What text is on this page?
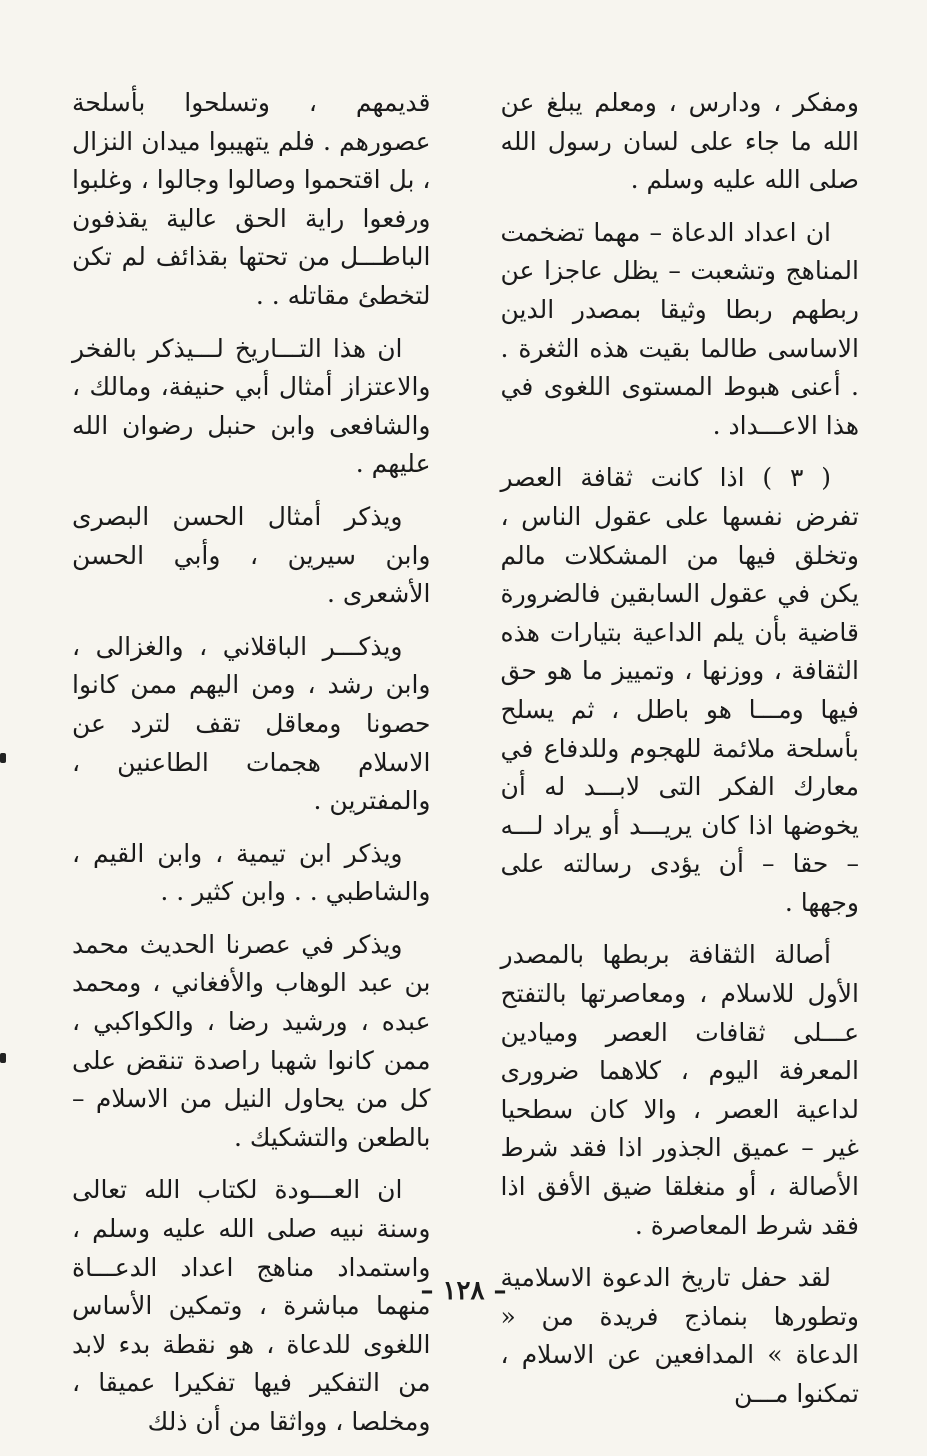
ومفكر ، ودارس ، ومعلم يبلغ عن الله ما جاء على لسان رسول الله صلى الله عليه وسلم .

ان اعداد الدعاة – مهما تضخمت المناهج وتشعبت – يظل عاجزا عن ربطهم ربطا وثيقا بمصدر الدين الاساسى طالما بقيت هذه الثغرة . . أعنى هبوط المستوى اللغوى في هذا الاعـــداد .

( ٣ ) اذا كانت ثقافة العصر تفرض نفسها على عقول الناس ، وتخلق فيها من المشكلات مالم يكن في عقول السابقين فالضرورة قاضية بأن يلم الداعية بتيارات هذه الثقافة ، ووزنها ، وتمييز ما هو حق فيها ومـــا هو باطل ، ثم يسلح بأسلحة ملائمة للهجوم وللدفاع في معارك الفكر التى لابـــد له أن يخوضها اذا كان يريـــد أو يراد لـــه – حقا – أن يؤدى رسالته على وجهها .

أصالة الثقافة بربطها بالمصدر الأول للاسلام ، ومعاصرتها بالتفتح عـــلى ثقافات العصر وميادين المعرفة اليوم ، كلاهما ضرورى لداعية العصر ، والا كان سطحيا غير – عميق الجذور اذا فقد شرط الأصالة ، أو منغلقا ضيق الأفق اذا فقد شرط المعاصرة .

لقد حفل تاريخ الدعوة الاسلامية وتطورها بنماذج فريدة من « الدعاة » المدافعين عن الاسلام ، تمكنوا مـــن

قديمهم ، وتسلحوا بأسلحة عصورهم . فلم يتهيبوا ميدان النزال ، بل اقتحموا وصالوا وجالوا ، وغلبوا ورفعوا راية الحق عالية يقذفون الباطـــل من تحتها بقذائف لم تكن لتخطئ مقاتله . .

ان هذا التـــاريخ لـــيذكر بالفخر والاعتزاز أمثال أبي حنيفة، ومالك ، والشافعى وابن حنبل رضوان الله عليهم .

ويذكر أمثال الحسن البصرى وابن سيرين ، وأبي الحسن الأشعرى .

ويذكـــر الباقلاني ، والغزالى ، وابن رشد ، ومن اليهم ممن كانوا حصونا ومعاقل تقف لترد عن الاسلام هجمات الطاعنين ، والمفترين .

ويذكر ابن تيمية ، وابن القيم ، والشاطبي . . وابن كثير . .

ويذكر في عصرنا الحديث محمد بن عبد الوهاب والأفغاني ، ومحمد عبده ، ورشيد رضا ، والكواكبي ، ممن كانوا شهبا راصدة تنقض على كل من يحاول النيل من الاسلام – بالطعن والتشكيك .

ان العـــودة لكتاب الله تعالى وسنة نبيه صلى الله عليه وسلم ، واستمداد مناهج اعداد الدعـــاة منهما مباشرة ، وتمكين الأساس اللغوى للدعاة ، هو نقطة بدء لابد من التفكير فيها تفكيرا عميقا ، ومخلصا ، وواثقا من أن ذلك

– ١٢٨ –
